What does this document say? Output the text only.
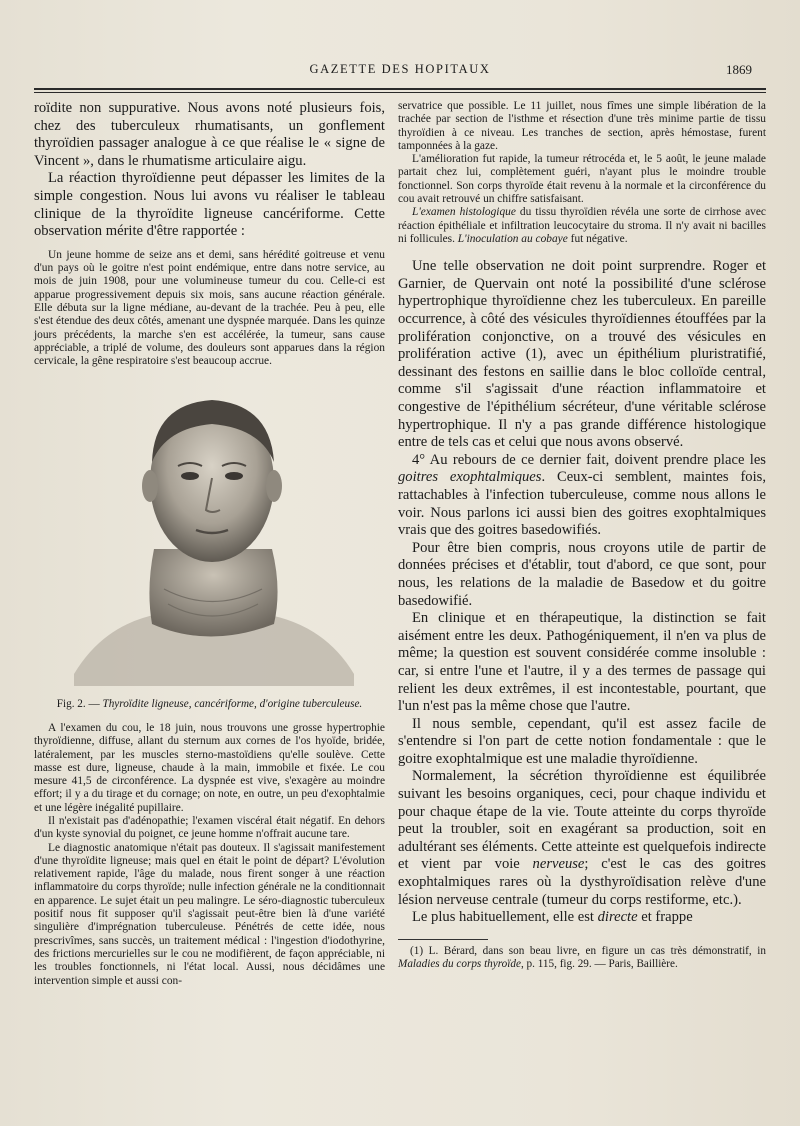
GAZETTE DES HOPITAUX	1869

roïdite non suppurative. Nous avons noté plusieurs fois, chez des tuberculeux rhumatisants, un gonflement thyroïdien passager analogue à ce que réalise le « signe de Vincent », dans le rhumatisme articulaire aigu.

La réaction thyroïdienne peut dépasser les limites de la simple congestion. Nous lui avons vu réaliser le tableau clinique de la thyroïdite ligneuse cancériforme. Cette observation mérite d'être rapportée :

Un jeune homme de seize ans et demi, sans hérédité goitreuse et venu d'un pays où le goitre n'est point endémique, entre dans notre service, au mois de juin 1908, pour une volumineuse tumeur du cou. Celle-ci est apparue progressivement depuis six mois, sans aucune réaction générale. Elle débuta sur la ligne médiane, au-devant de la trachée. Peu à peu, elle s'est étendue des deux côtés, amenant une dyspnée marquée. Dans les quinze jours précédents, la marche s'en est accélérée, la tumeur, sans cause appréciable, a triplé de volume, des douleurs sont apparues dans la région cervicale, la gêne respiratoire s'est beaucoup accrue.

Fig. 2. — Thyroïdite ligneuse, cancériforme, d'origine tuberculeuse.

A l'examen du cou, le 18 juin, nous trouvons une grosse hypertrophie thyroïdienne, diffuse, allant du sternum aux cornes de l'os hyoïde, bridée, latéralement, par les muscles sterno-mastoïdiens qu'elle soulève. Cette masse est dure, ligneuse, chaude à la main, immobile et fixée. Le cou mesure 41,5 de circonférence. La dyspnée est vive, s'exagère au moindre effort; il y a du tirage et du cornage; on note, en outre, un peu d'exophtalmie et une légère inégalité pupillaire.

Il n'existait pas d'adénopathie; l'examen viscéral était négatif. En dehors d'un kyste synovial du poignet, ce jeune homme n'offrait aucune tare.

Le diagnostic anatomique n'était pas douteux. Il s'agissait manifestement d'une thyroïdite ligneuse; mais quel en était le point de départ? L'évolution relativement rapide, l'âge du malade, nous firent songer à une réaction inflammatoire du corps thyroïde; nulle infection générale ne la conditionnait en apparence. Le sujet était un peu malingre. Le séro-diagnostic tuberculeux positif nous fit supposer qu'il s'agissait peut-être bien là d'une variété singulière d'imprégnation tuberculeuse. Pénétrés de cette idée, nous prescrivîmes, sans succès, un traitement médical : l'ingestion d'iodothyrine, des frictions mercurielles sur le cou ne modifièrent, de façon appréciable, ni les troubles fonctionnels, ni l'état local. Aussi, nous décidâmes une intervention simple et aussi con-

servatrice que possible. Le 11 juillet, nous fîmes une simple libération de la trachée par section de l'isthme et résection d'une très minime partie de tissu thyroïdien à ce niveau. Les tranches de section, après hémostase, furent tamponnées à la gaze.

L'amélioration fut rapide, la tumeur rétrocéda et, le 5 août, le jeune malade partait chez lui, complètement guéri, n'ayant plus le moindre trouble fonctionnel. Son corps thyroïde était revenu à la normale et la circonférence du cou avait retrouvé un chiffre satisfaisant.

L'examen histologique du tissu thyroïdien révéla une sorte de cirrhose avec réaction épithéliale et infiltration leucocytaire du stroma. Il n'y avait ni bacilles ni follicules. L'inoculation au cobaye fut négative.

Une telle observation ne doit point surprendre. Roger et Garnier, de Quervain ont noté la possibilité d'une sclérose hypertrophique thyroïdienne chez les tuberculeux. En pareille occurrence, à côté des vésicules thyroïdiennes étouffées par la prolifération conjonctive, on a trouvé des vésicules en prolifération active (1), avec un épithélium pluristratifié, dessinant des festons en saillie dans le bloc colloïde central, comme s'il s'agissait d'une réaction inflammatoire et congestive de l'épithélium sécréteur, d'une véritable sclérose hypertrophique. Il n'y a pas grande différence histologique entre de tels cas et celui que nous avons observé.

4° Au rebours de ce dernier fait, doivent prendre place les goitres exophtalmiques. Ceux-ci semblent, maintes fois, rattachables à l'infection tuberculeuse, comme nous allons le voir. Nous parlons ici aussi bien des goitres exophtalmiques vrais que des goitres basedowifiés.

Pour être bien compris, nous croyons utile de partir de données précises et d'établir, tout d'abord, ce que sont, pour nous, les relations de la maladie de Basedow et du goitre basedowifié.

En clinique et en thérapeutique, la distinction se fait aisément entre les deux. Pathogéniquement, il n'en va plus de même; la question est souvent considérée comme insoluble : car, si entre l'une et l'autre, il y a des termes de passage qui relient les deux extrêmes, il est incontestable, pourtant, que l'un n'est pas la même chose que l'autre.

Il nous semble, cependant, qu'il est assez facile de s'entendre si l'on part de cette notion fondamentale : que le goitre exophtalmique est une maladie thyroïdienne.

Normalement, la sécrétion thyroïdienne est équilibrée suivant les besoins organiques, ceci, pour chaque individu et pour chaque étape de la vie. Toute atteinte du corps thyroïde peut la troubler, soit en exagérant sa production, soit en adultérant ses éléments. Cette atteinte est quelquefois indirecte et vient par voie nerveuse; c'est le cas des goitres exophtalmiques rares où la dysthyroïdisation relève d'une lésion nerveuse centrale (tumeur du corps restiforme, etc.).

Le plus habituellement, elle est directe et frappe

(1) L. Bérard, dans son beau livre, en figure un cas très démonstratif, in Maladies du corps thyroïde, p. 115, fig. 29. — Paris, Baillière.
